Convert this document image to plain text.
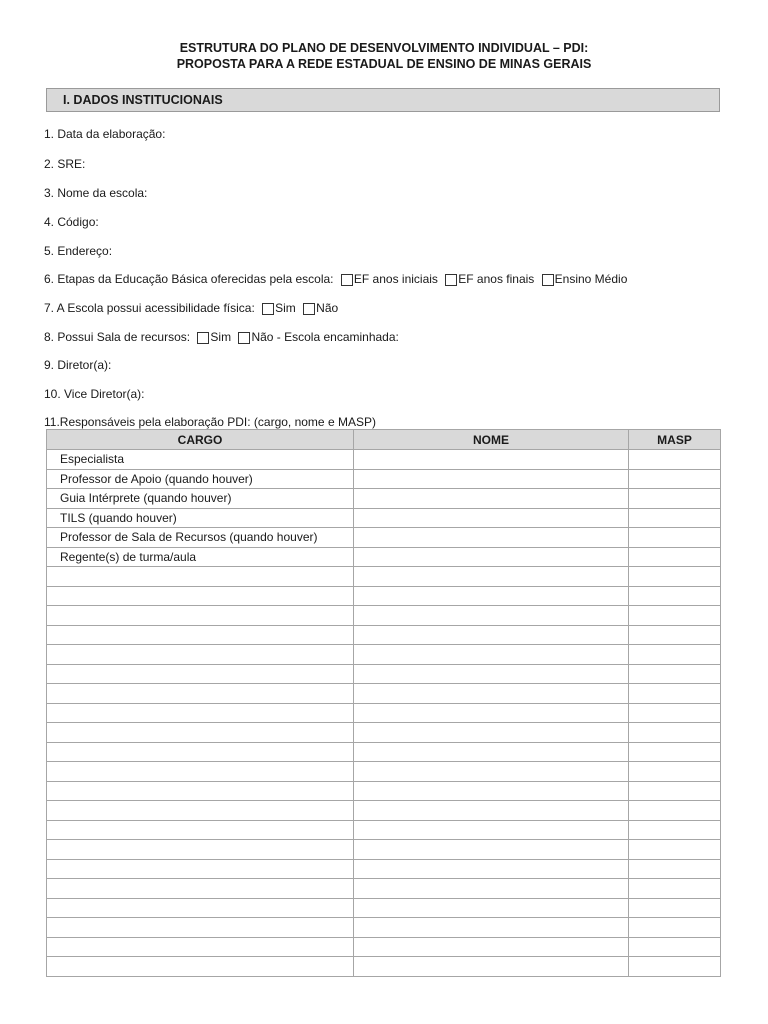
ESTRUTURA DO PLANO DE DESENVOLVIMENTO INDIVIDUAL – PDI:
PROPOSTA PARA A REDE ESTADUAL DE ENSINO DE MINAS GERAIS
I. DADOS INSTITUCIONAIS
1. Data da elaboração:
2. SRE:
3. Nome da escola:
4. Código:
5. Endereço:
6. Etapas da Educação Básica oferecidas pela escola: EF anos iniciais EF anos finais Ensino Médio
7. A Escola possui acessibilidade física: Sim Não
8. Possui Sala de recursos: Sim Não - Escola encaminhada:
9. Diretor(a):
10. Vice Diretor(a):
11.Responsáveis pela elaboração PDI: (cargo, nome e MASP)
CARGO	NOME	MASP
Especialista		
Professor de Apoio (quando houver)		
Guia Intérprete (quando houver)		
TILS (quando houver)		
Professor de Sala de Recursos (quando houver)		
Regente(s) de turma/aula		
